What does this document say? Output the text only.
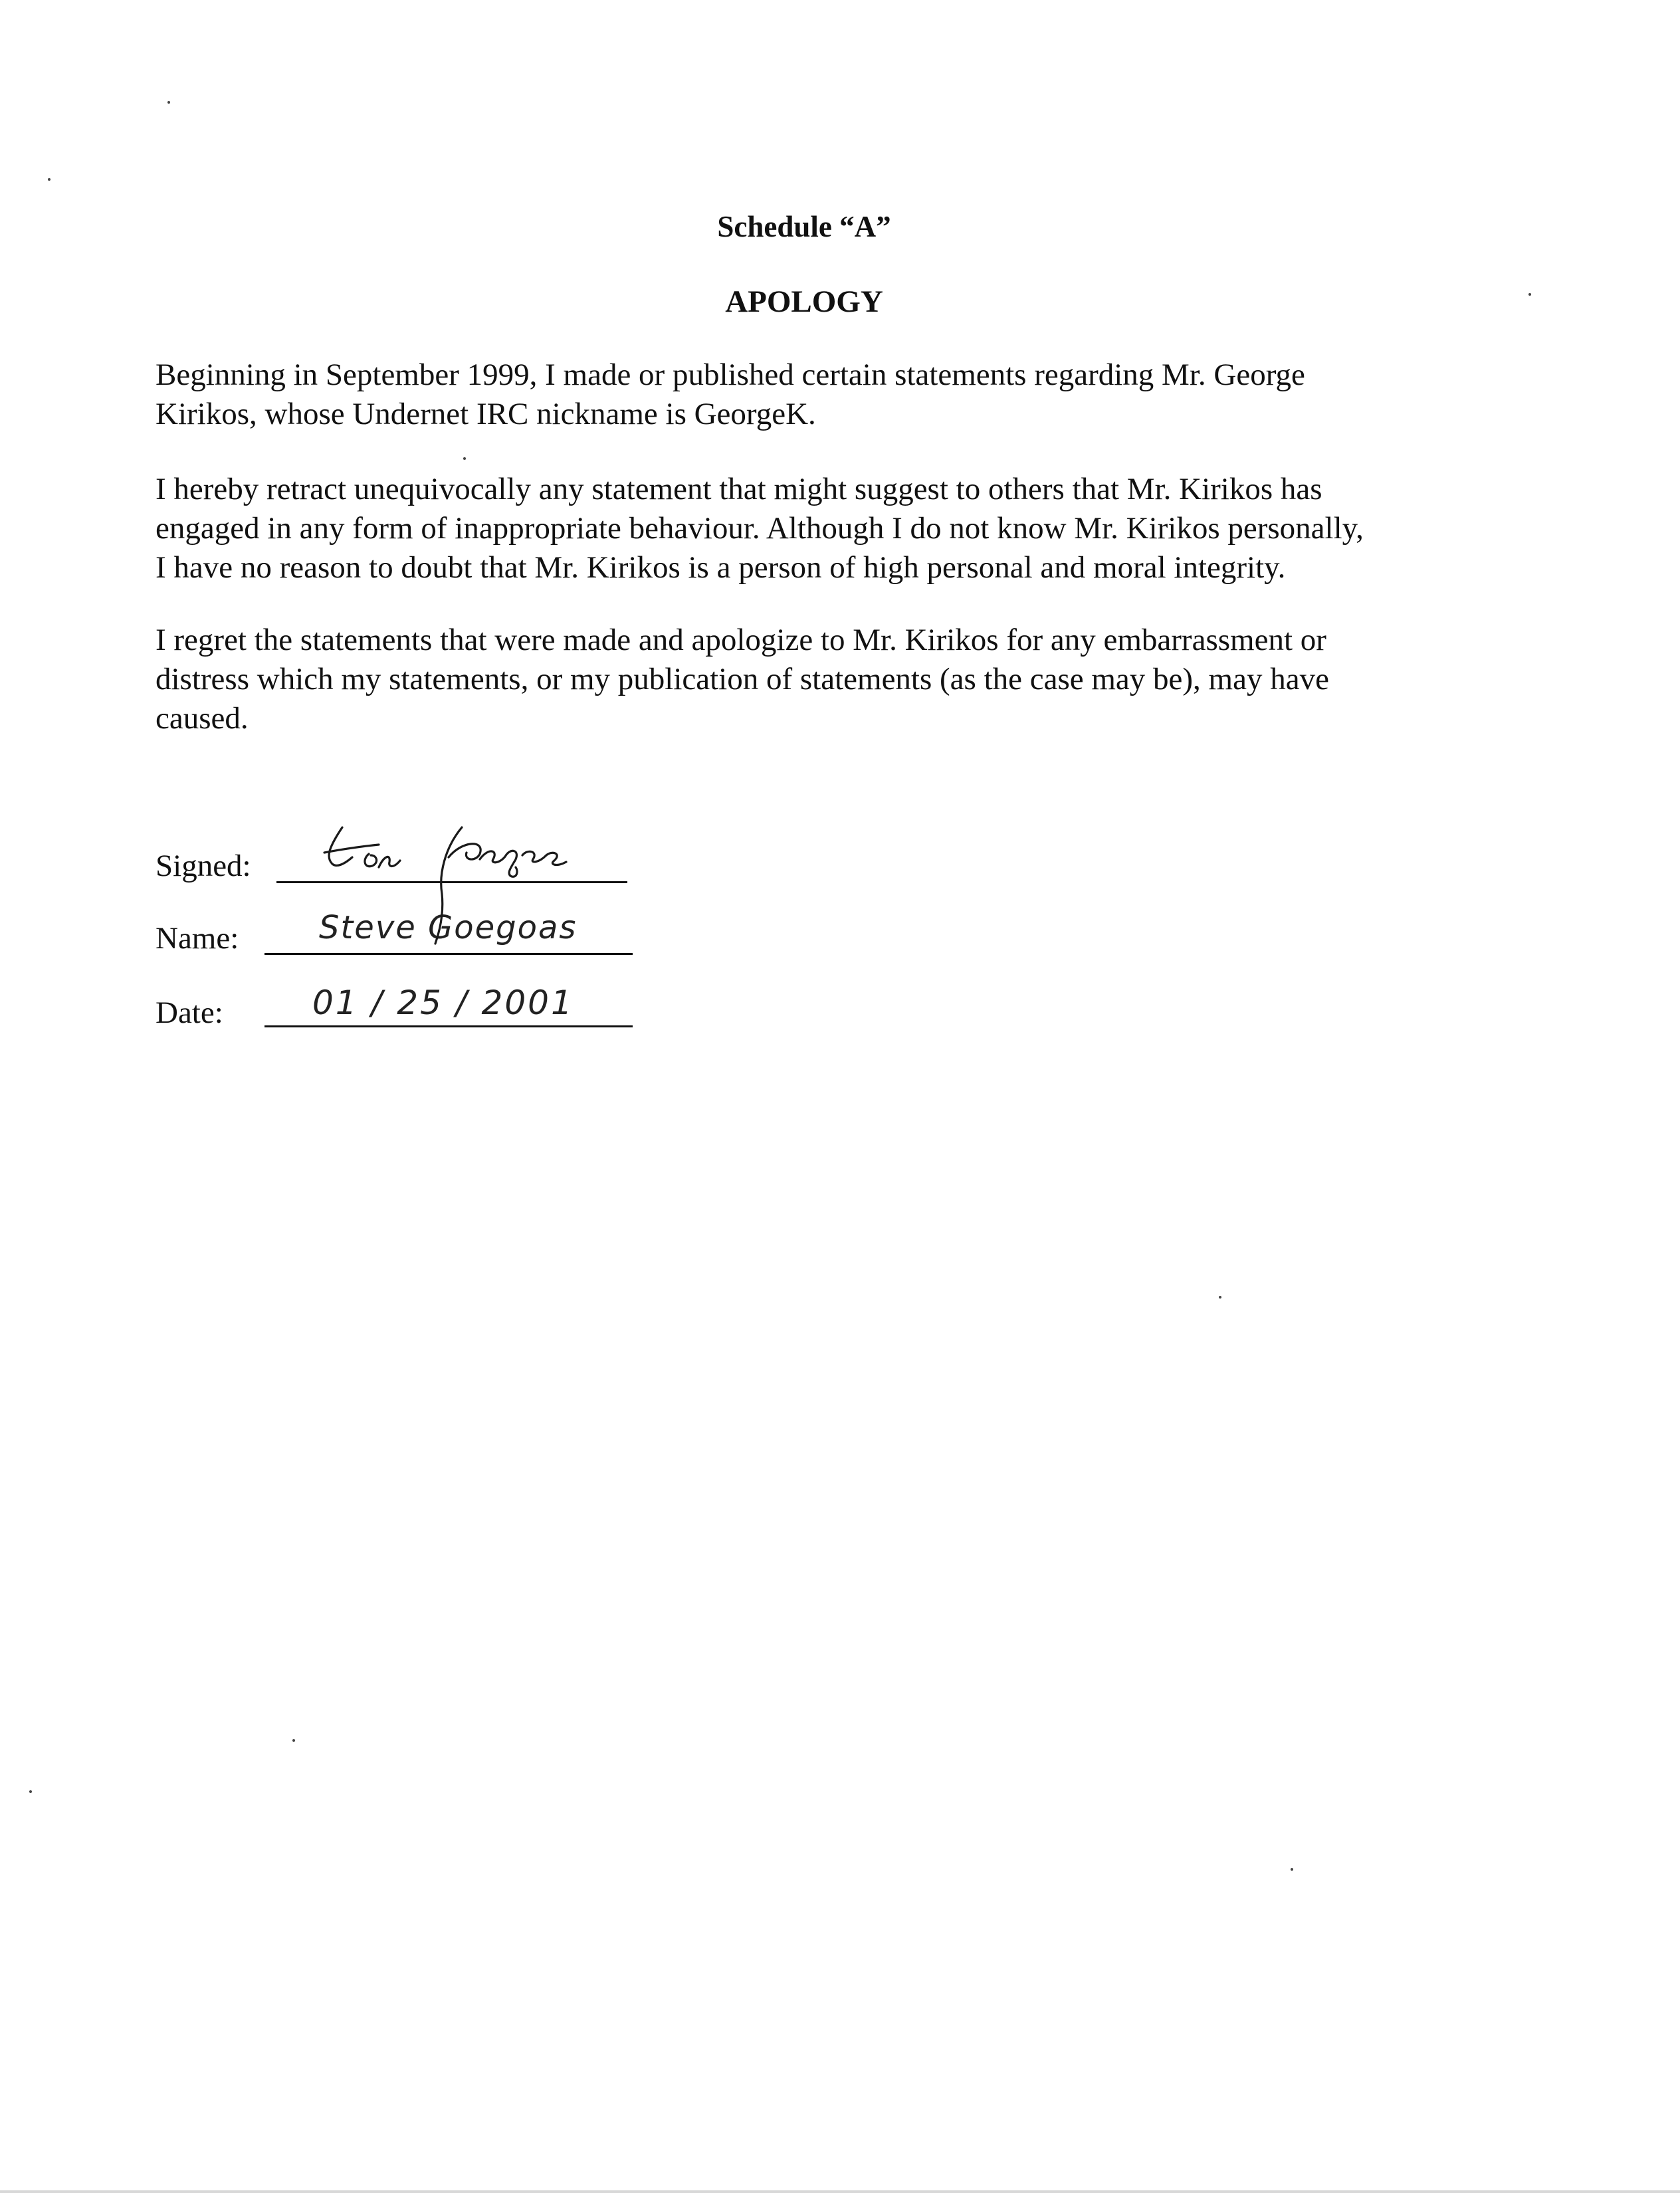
Schedule “A”
APOLOGY

Beginning in September 1999, I made or published certain statements regarding Mr. George
Kirikos, whose Undernet IRC nickname is GeorgeK.

I hereby retract unequivocally any statement that might suggest to others that Mr. Kirikos has
engaged in any form of inappropriate behaviour. Although I do not know Mr. Kirikos personally,
I have no reason to doubt that Mr. Kirikos is a person of high personal and moral integrity.

I regret the statements that were made and apologize to Mr. Kirikos for any embarrassment or
distress which my statements, or my publication of statements (as the case may be), may have
caused.

Signed:
Name:	Steve Goegoas
Date:	01 / 25 / 2001
